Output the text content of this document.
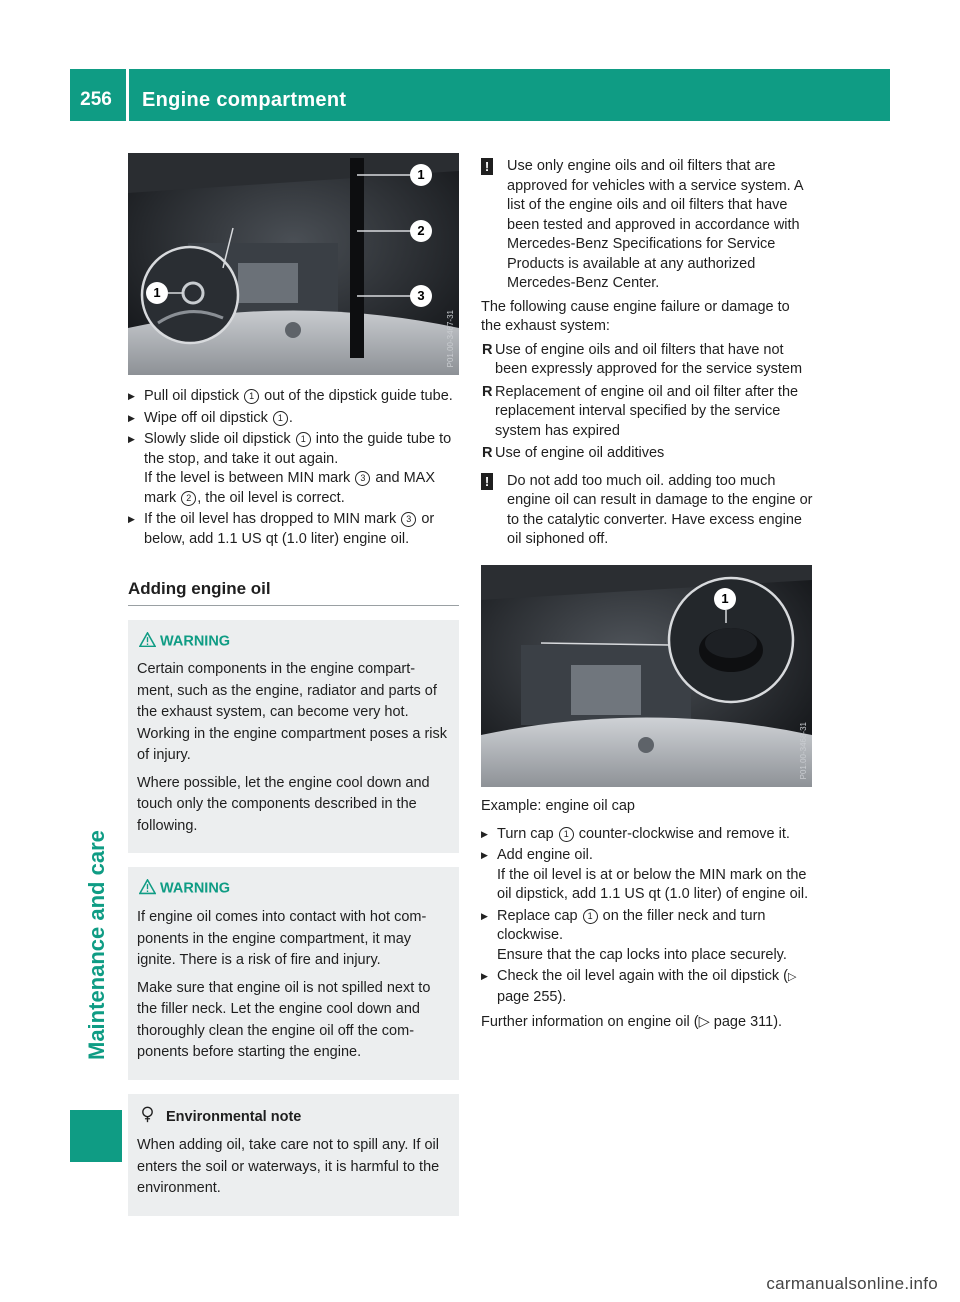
256	Engine compartment
Maintenance and care
1
2
3
1
P01.00-3467-31
▶ Pull oil dipstick 1 out of the dipstick guide tube.
▶ Wipe off oil dipstick 1 .
▶ Slowly slide oil dipstick 1 into the guide tube to the stop, and take it out again.
If the level is between MIN mark 3 and MAX mark 2 , the oil level is correct.
▶ If the oil level has dropped to MIN mark 3 or below, add 1.1 US qt (1.0 liter) engine oil.
Adding engine oil
WARNING

Certain components in the engine compart- ment, such as the engine, radiator and parts of the exhaust system, can become very hot. Working in the engine compartment poses a risk of injury.

Where possible, let the engine cool down and touch only the components described in the following.

WARNING

If engine oil comes into contact with hot com- ponents in the engine compartment, it may ignite. There is a risk of fire and injury.

Make sure that engine oil is not spilled next to the filler neck. Let the engine cool down and thoroughly clean the engine oil off the com- ponents before starting the engine.

Environmental note

When adding oil, take care not to spill any. If oil enters the soil or waterways, it is harmful to the environment.

! Use only engine oils and oil filters that are approved for vehicles with a service system. A list of the engine oils and oil filters that have been tested and approved in accordance with Mercedes-Benz Specifications for Service Products is available at any authorized Mercedes-Benz Center.

The following cause engine failure or damage to the exhaust system:

R Use of engine oils and oil filters that have not been expressly approved for the service system
R Replacement of engine oil and oil filter after the replacement interval specified by the service system has expired
R Use of engine oil additives
! Do not add too much oil. adding too much engine oil can result in damage to the engine or to the catalytic converter. Have excess engine oil siphoned off.
1
P01.00-3468-31

Example: engine oil cap

▶ Turn cap 1 counter-clockwise and remove it.
▶ Add engine oil.
If the oil level is at or below the MIN mark on the oil dipstick, add 1.1 US qt (1.0 liter) of engine oil.
▶ Replace cap 1 on the filler neck and turn clockwise.
Ensure that the cap locks into place securely.
▶ Check the oil level again with the oil dipstick (▷ page 255).

Further information on engine oil (▷ page 311).

carmanualsonline.info
